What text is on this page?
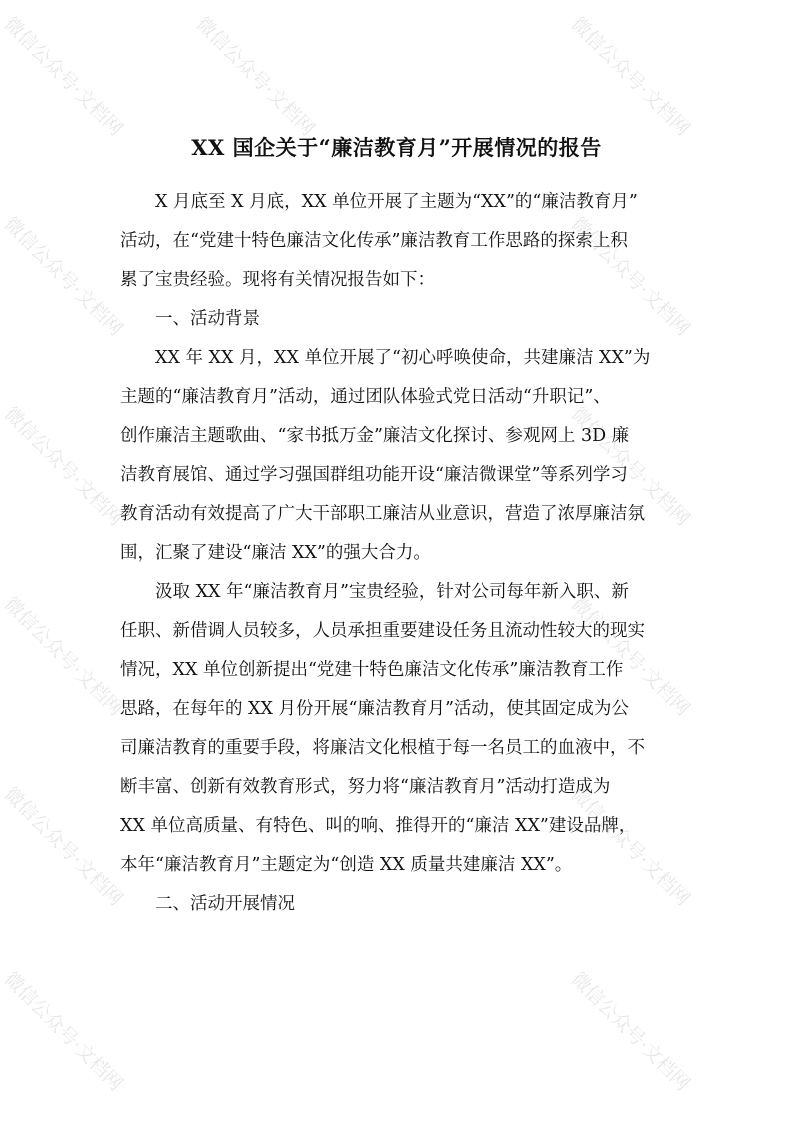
XX 国企关于“廉洁教育月”开展情况的报告

X 月底至 X 月底，XX 单位开展了主题为“XX”的“廉洁教育月”
活动，在“党建十特色廉洁文化传承”廉洁教育工作思路的探索上积
累了宝贵经验。现将有关情况报告如下：

一、活动背景

XX 年 XX 月，XX 单位开展了“初心呼唤使命，共建廉洁 XX”为
主题的“廉洁教育月”活动，通过团队体验式党日活动“升职记”、
创作廉洁主题歌曲、“家书抵万金”廉洁文化探讨、参观网上 3D 廉
洁教育展馆、通过学习强国群组功能开设“廉洁微课堂”等系列学习
教育活动有效提高了广大干部职工廉洁从业意识，营造了浓厚廉洁氛
围，汇聚了建设“廉洁 XX”的强大合力。

汲取 XX 年“廉洁教育月”宝贵经验，针对公司每年新入职、新
任职、新借调人员较多，人员承担重要建设任务且流动性较大的现实
情况，XX 单位创新提出“党建十特色廉洁文化传承”廉洁教育工作
思路，在每年的 XX 月份开展“廉洁教育月”活动，使其固定成为公
司廉洁教育的重要手段，将廉洁文化根植于每一名员工的血液中，不
断丰富、创新有效教育形式，努力将“廉洁教育月”活动打造成为
XX 单位高质量、有特色、叫的响、推得开的“廉洁 XX”建设品牌，
本年“廉洁教育月”主题定为“创造 XX 质量共建廉洁 XX”。

二、活动开展情况

微信公众号·文档网	微信公众号·文档网	微信公众号·文档网
微信公众号·文档网	微信公众号·文档网
微信公众号·文档网	微信公众号·文档网
微信公众号·文档网	微信公众号·文档网
微信公众号·文档网	微信公众号·文档网
微信公众号·文档网	微信公众号·文档网
